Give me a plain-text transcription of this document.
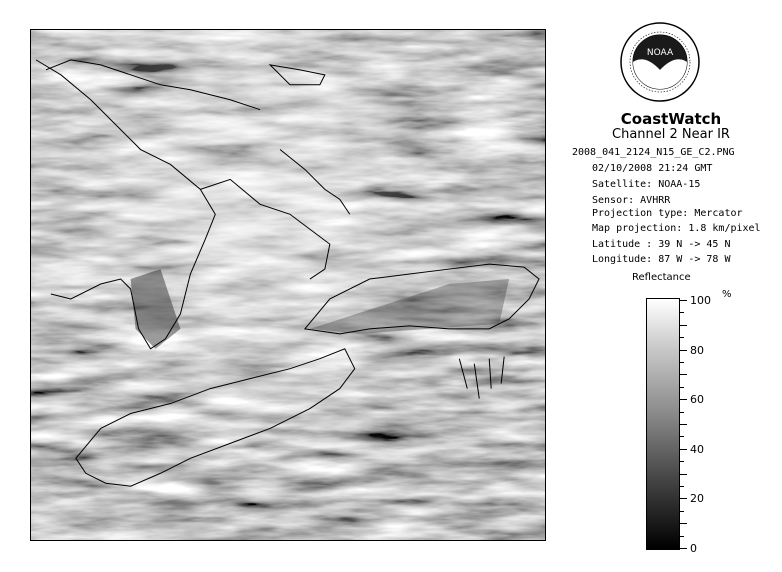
NOAA
CoastWatch
Channel 2 Near IR
2008_041_2124_N15_GE_C2.PNG
02/10/2008 21:24 GMT
Satellite: NOAA-15
Sensor: AVHRR
Projection type: Mercator
Map projection: 1.8 km/pixel
Latitude : 39 N -> 45 N
Longitude: 87 W -> 78 W
Reflectance
%
100
80
60
40
20
0
